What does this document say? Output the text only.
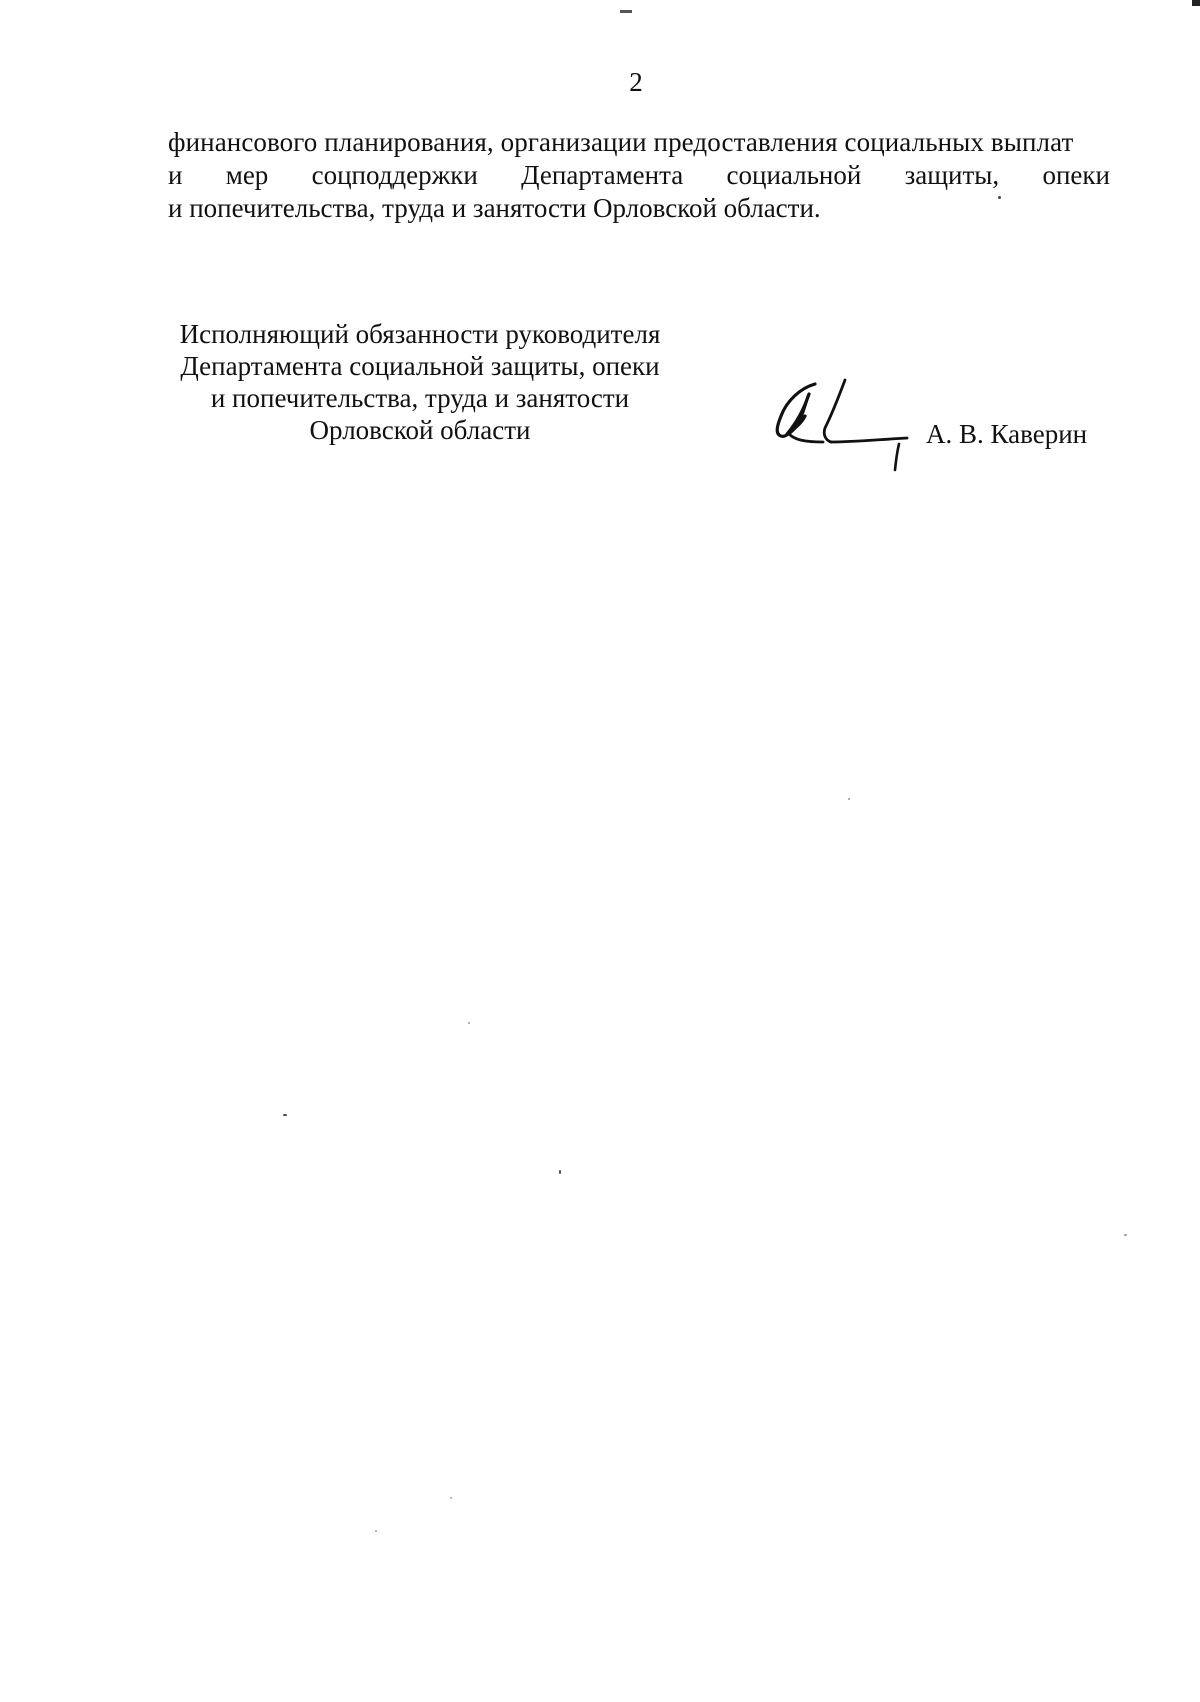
2
финансового планирования, организации предоставления социальных выплат
и мер соцподдержки Департамента социальной защиты, опеки
и попечительства, труда и занятости Орловской области.
Исполняющий обязанности руководителя
Департамента социальной защиты, опеки
и попечительства, труда и занятости
Орловской области	А. В. Каверин
